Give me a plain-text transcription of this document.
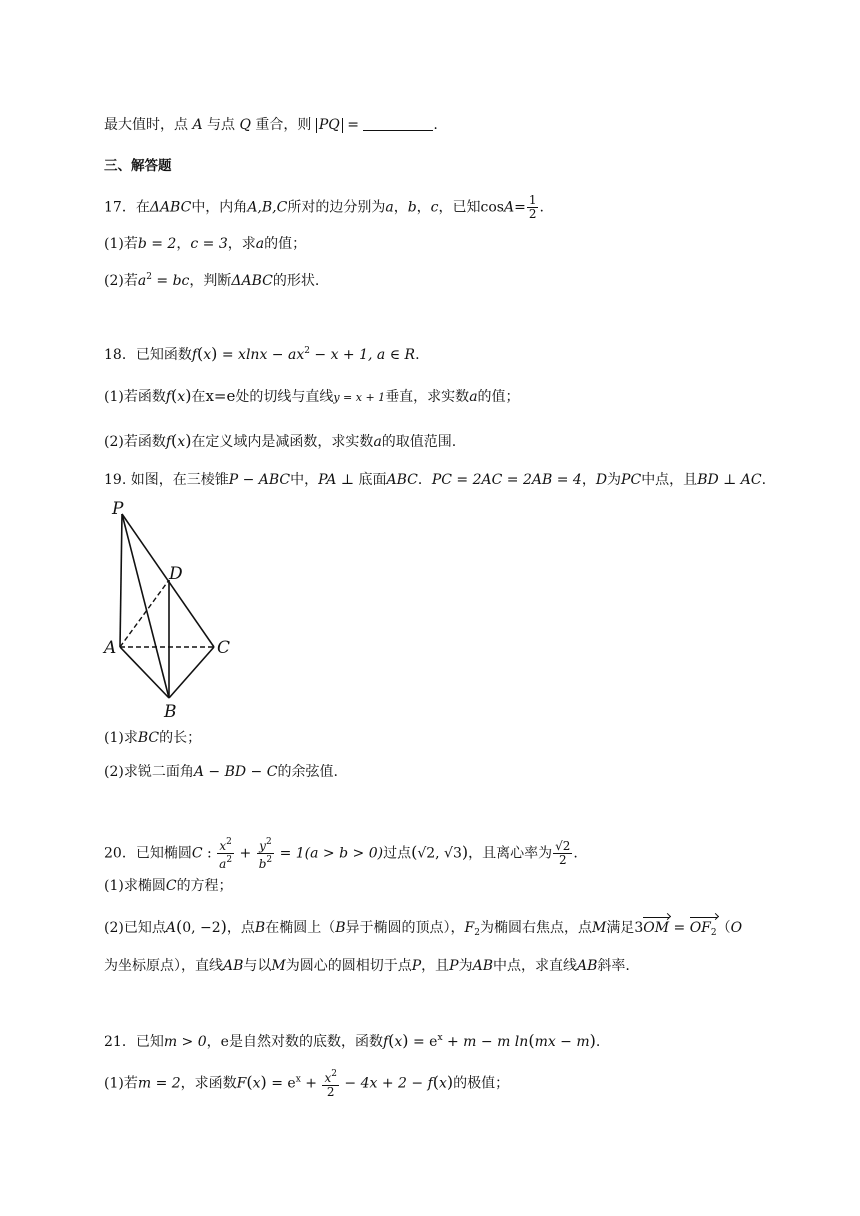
最大值时，点 A 与点 Q 重合，则 PQ =	.
三、解答题
17．在ΔABC中，内角A,B,C所对的边分别为a，b，c，已知$\cos A= \frac{1}{2}$ .
(1)若b = 2，c = 3，求a的值；
(2)若$a^2$ = bc，判断ΔABC的形状.
18．已知函数$f(x) = xlnx - ax^2 - x + 1$, a ∈ R.
(1)若函数f(x)在x=e处的切线与直线y = x + 1垂直，求实数a的值；
(2)若函数f(x)在定义域内是减函数，求实数a的取值范围.
19. 如图，在三棱锥P − ABC中，PA ⊥ 底面ABC．PC = 2AC = 2AB = 4，D为PC中点，且BD ⊥ AC.
P
D
A	C
B
(1)求BC的长；
(2)求锐二面角A − BD − C的余弦值.
20．已知椭圆C : $\frac{x^2}{a^2} + \frac{y^2}{b^2} = 1(a > b > 0)$过点(√2, √3)，且离心率为 $\frac{√2}{2}$ .
(1)求椭圆C的方程；
(2)已知点A(0, −2)，点B在椭圆上（B异于椭圆的顶点），$F_2$为椭圆右焦点，点M满足$3OM = OF_2(O$
为坐标原点），直线AB与以M为圆心的圆相切于点P，且P为AB中点，求直线AB斜率.
21．已知m > 0，e是自然对数的底数，函数$f(x) = e^x + m - m$ ln(mx − m).
(1)若m = 2，求函数$F(x) = e^x + \frac{x^2}{2} - 4x + 2 - f(x)$的极值；
